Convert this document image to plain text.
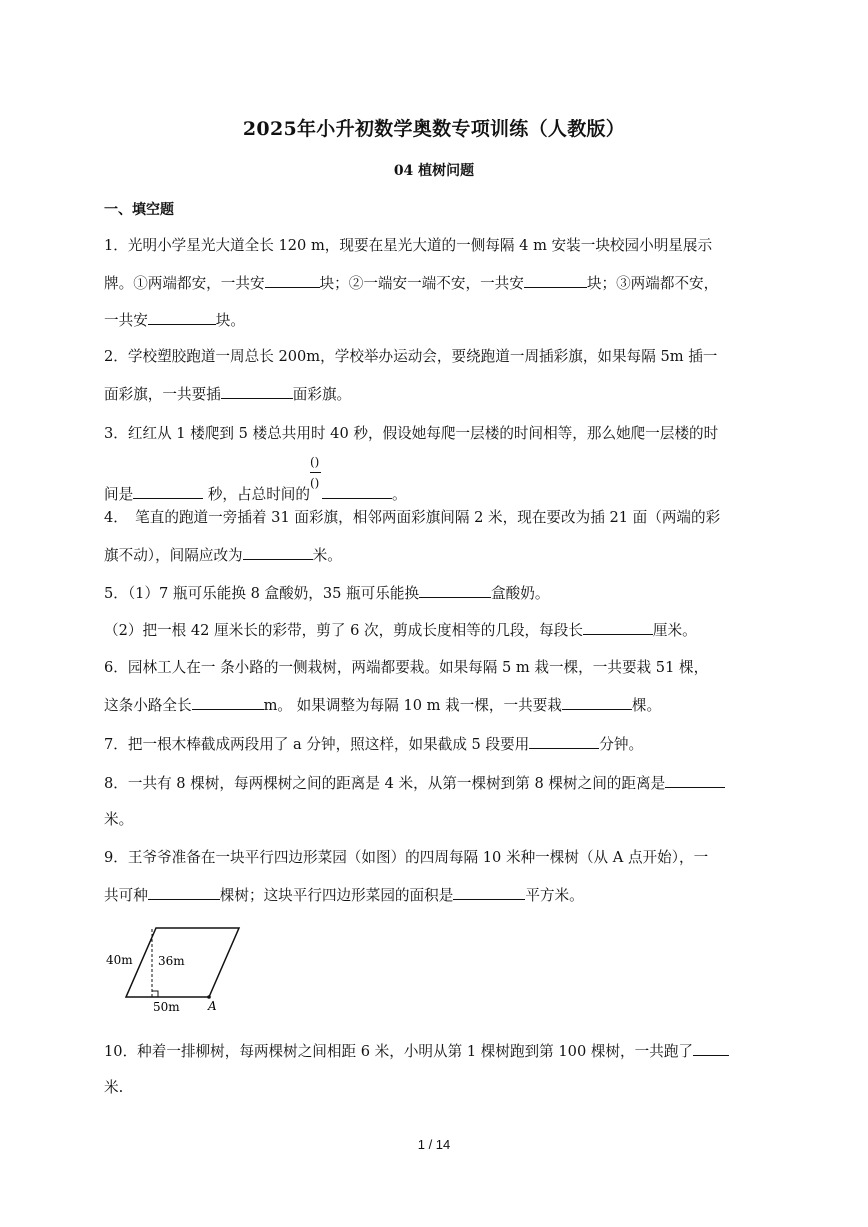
2025年小升初数学奥数专项训练（人教版）
04 植树问题
一、填空题
1．光明小学星光大道全长 120 m，现要在星光大道的一侧每隔 4 m 安装一块校园小明星展示
牌。①两端都安，一共安	块；②一端安一端不安，一共安	块；③两端都不安，
一共安	块。
2．学校塑胶跑道一周总长 200m，学校举办运动会，要绕跑道一周插彩旗，如果每隔 5m 插一
面彩旗，一共要插	面彩旗。
3．红红从 1 楼爬到 5 楼总共用时 40 秒，假设她每爬一层楼的时间相等，那么她爬一层楼的时
间是	秒，占总时间的 $\frac{()}{()}$	。
4．　笔直的跑道一旁插着 31 面彩旗，相邻两面彩旗间隔 2 米，现在要改为插 21 面（两端的彩
旗不动），间隔应改为	米。
5．（1）7 瓶可乐能换 8 盒酸奶，35 瓶可乐能换	盒酸奶。
（2）把一根 42 厘米长的彩带，剪了 6 次，剪成长度相等的几段，每段长	厘米。
6．园林工人在一 条小路的一侧栽树，两端都要栽。如果每隔 5 m 栽一棵，一共要栽 51 棵，
这条小路全长	m。 如果调整为每隔 10 m 栽一棵，一共要栽	棵。
7．把一根木棒截成两段用了 a 分钟，照这样，如果截成 5 段要用	分钟。
8．一共有 8 棵树，每两棵树之间的距离是 4 米，从第一棵树到第 8 棵树之间的距离是
米。
9．王爷爷准备在一块平行四边形菜园（如图）的四周每隔 10 米种一棵树（从 A 点开始），一
共可种	棵树；这块平行四边形菜园的面积是	平方米。
40m 36m
50m A
10．种着一排柳树，每两棵树之间相距 6 米，小明从第 1 棵树跑到第 100 棵树，一共跑了
米.
1 / 14
